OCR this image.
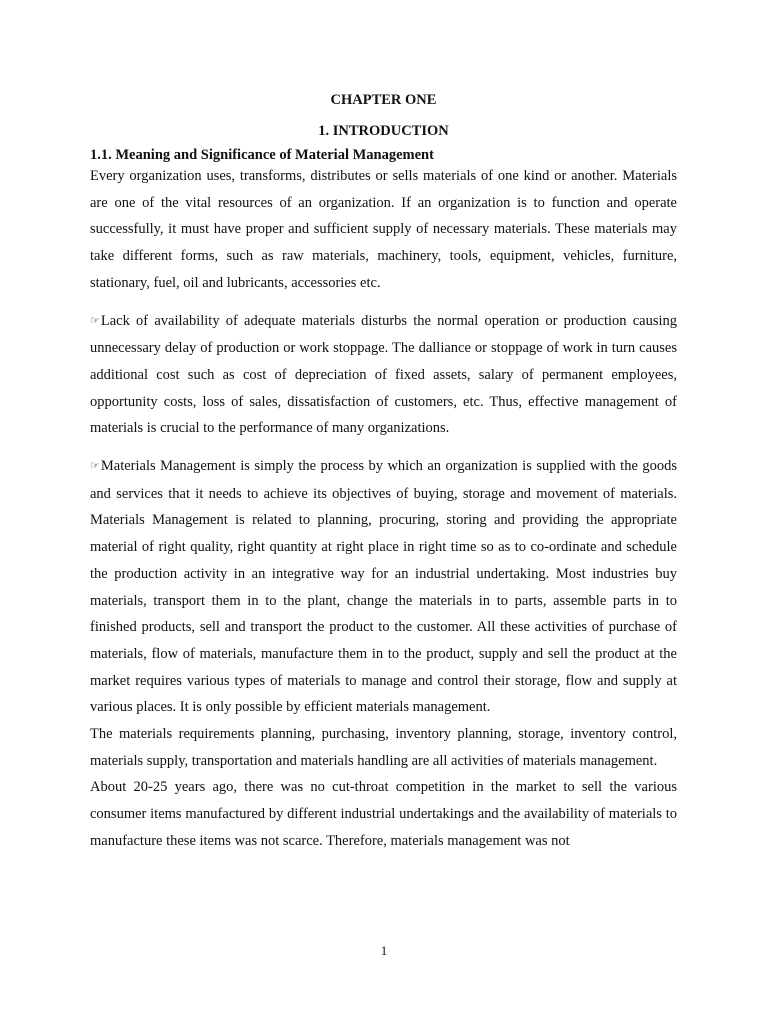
CHAPTER ONE
1. INTRODUCTION
1.1. Meaning and Significance of Material Management

Every organization uses, transforms, distributes or sells materials of one kind or another. Materials are one of the vital resources of an organization. If an organization is to function and operate successfully, it must have proper and sufficient supply of necessary materials. These materials may take different forms, such as raw materials, machinery, tools, equipment, vehicles, furniture, stationary, fuel, oil and lubricants, accessories etc.

☞Lack of availability of adequate materials disturbs the normal operation or production causing unnecessary delay of production or work stoppage. The dalliance or stoppage of work in turn causes additional cost such as cost of depreciation of fixed assets, salary of permanent employees, opportunity costs, loss of sales, dissatisfaction of customers, etc. Thus, effective management of materials is crucial to the performance of many organizations.

☞Materials Management is simply the process by which an organization is supplied with the goods and services that it needs to achieve its objectives of buying, storage and movement of materials. Materials Management is related to planning, procuring, storing and providing the appropriate material of right quality, right quantity at right place in right time so as to co-ordinate and schedule the production activity in an integrative way for an industrial undertaking. Most industries buy materials, transport them in to the plant, change the materials in to parts, assemble parts in to finished products, sell and transport the product to the customer. All these activities of purchase of materials, flow of materials, manufacture them in to the product, supply and sell the product at the market requires various types of materials to manage and control their storage, flow and supply at various places. It is only possible by efficient materials management.

The materials requirements planning, purchasing, inventory planning, storage, inventory control, materials supply, transportation and materials handling are all activities of materials management.

About 20-25 years ago, there was no cut-throat competition in the market to sell the various consumer items manufactured by different industrial undertakings and the availability of materials to manufacture these items was not scarce. Therefore, materials management was not

1
